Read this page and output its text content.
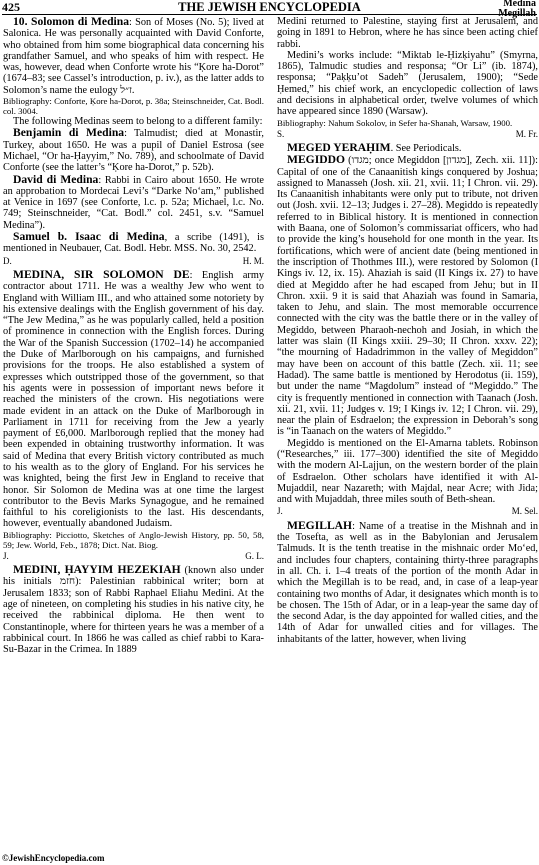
425	THE JEWISH ENCYCLOPEDIA	Medina
Megillah

10. Solomon di Medina: Son of Moses (No. 5); lived at Salonica. He was personally acquainted with David Conforte, who obtained from him some biographical data concerning his grandfather Samuel, and who speaks of him with respect. He was, however, dead when Conforte wrote his “Ḳore ha-Dorot” (1674–83; see Cassel’s introduction, p. iv.), as the latter adds to Solomon’s name the eulogy ז״ל.

Bibliography: Conforte, Ḳore ha-Dorot, p. 38a; Steinschneider, Cat. Bodl. col. 3004.

The following Medinas seem to belong to a different family:

Benjamin di Medina: Talmudist; died at Monastir, Turkey, about 1650. He was a pupil of Daniel Estrosa (see Michael, “Or ha-Ḥayyim,” No. 789), and schoolmate of David Conforte (see the latter’s “Ḳore ha-Dorot,” p. 52b).

David di Medina: Rabbi in Cairo about 1650. He wrote an approbation to Mordecai Levi’s “Darke No‘am,” published at Venice in 1697 (see Conforte, l.c. p. 52a; Michael, l.c. No. 749; Steinschneider, “Cat. Bodl.” col. 2451, s.v. “Samuel Medina”).

Samuel b. Isaac di Medina, a scribe (1491), is mentioned in Neubauer, Cat. Bodl. Hebr. MSS. No. 30, 2542.

D.	H. M.

MEDINA, SIR SOLOMON DE: English army contractor about 1711. He was a wealthy Jew who went to England with William III., and who attained some notoriety by his extensive dealings with the English government of his day. “The Jew Medina,” as he was popularly called, held a position of prominence in connection with the English forces. During the War of the Spanish Succession (1702–14) he accompanied the Duke of Marlborough on his campaigns, and furnished provisions for the troops. He also established a system of expresses which outstripped those of the government, so that his agents were in possession of important news before it reached the ministers of the crown. His negotiations were made evident in an attack on the Duke of Marlborough in Parliament in 1711 for receiving from the Jew a yearly payment of £6,000. Marlborough replied that the money had been expended in obtaining trustworthy information. It was said of Medina that every British victory contributed as much to his wealth as to the glory of England. For his services he was knighted, being the first Jew in England to receive that honor. Sir Solomon de Medina was at one time the largest contributor to the Bevis Marks Synagogue, and he remained faithful to his coreligionists to the last. His descendants, however, eventually abandoned Judaism.

Bibliography: Picciotto, Sketches of Anglo-Jewish History, pp. 50, 58, 59; Jew. World, Feb., 1878; Dict. Nat. Biog.

J.	G. L.

MEDINI, ḤAYYIM HEZEKIAH (known also under his initials חזמ): Palestinian rabbinical writer; born at Jerusalem 1833; son of Rabbi Raphael Eliahu Medini. At the age of nineteen, on completing his studies in his native city, he received the rabbinical diploma. He then went to Constantinople, where for thirteen years he was a member of a rabbinical court. In 1866 he was called as chief rabbi to Kara-Su-Bazar in the Crimea. In 1889

Medini returned to Palestine, staying first at Jerusalem, and going in 1891 to Hebron, where he has since been acting chief rabbi.

Medini’s works include: “Miktab le-Ḥizḳiyahu” (Smyrna, 1865), Talmudic studies and responsa; “Or Li” (ib. 1874), responsa; “Paḳḳu’ot Sadeh” (Jerusalem, 1900); “Sede Ḥemed,” his chief work, an encyclopedic collection of laws and decisions in alphabetical order, twelve volumes of which have appeared since 1890 (Warsaw).

Bibliography: Nahum Sokolov, in Sefer ha-Shanah, Warsaw, 1900.

S.	M. Fr.

MEGED YERAḤIM. See Periodicals.

MEGIDDO (מגדו; once Megiddon [מגדון], Zech. xii. 11]): Capital of one of the Canaanitish kings conquered by Joshua; assigned to Manasseh (Josh. xii. 21, xvii. 11; I Chron. vii. 29). Its Canaanitish inhabitants were only put to tribute, not driven out (Josh. xvii. 12–13; Judges i. 27–28). Megiddo is repeatedly referred to in Biblical history. It is mentioned in connection with Baana, one of Solomon’s commissariat officers, who had to provide the king’s household for one month in the year. Its fortifications, which were of ancient date (being mentioned in the inscription of Thothmes III.), were restored by Solomon (I Kings iv. 12, ix. 15). Ahaziah is said (II Kings ix. 27) to have died at Megiddo after he had escaped from Jehu; but in II Chron. xxii. 9 it is said that Ahaziah was found in Samaria, taken to Jehu, and slain. The most memorable occurrence connected with the city was the battle there or in the valley of Megiddo, between Pharaoh-nechoh and Josiah, in which the latter was slain (II Kings xxiii. 29–30; II Chron. xxxv. 22); “the mourning of Hadadrimmon in the valley of Megiddon” may have been on account of this battle (Zech. xii. 11; see Hadad). The same battle is mentioned by Herodotus (ii. 159), but under the name “Magdolum” instead of “Megiddo.” The city is frequently mentioned in connection with Taanach (Josh. xii. 21, xvii. 11; Judges v. 19; I Kings iv. 12; I Chron. vii. 29), near the plain of Esdraelon; the expression in Deborah’s song is “in Taanach on the waters of Megiddo.”

Megiddo is mentioned on the El-Amarna tablets. Robinson (“Researches,” iii. 177–300) identified the site of Megiddo with the modern Al-Lajjun, on the western border of the plain of Esdraelon. Other scholars have identified it with Al-Mujaddil, near Nazareth; with Majdal, near Acre; with Jida; and with Mujaddah, three miles south of Beth-shean.

J.	M. Sel.

MEGILLAH: Name of a treatise in the Mishnah and in the Tosefta, as well as in the Babylonian and Jerusalem Talmuds. It is the tenth treatise in the mishnaic order Mo‘ed, and includes four chapters, containing thirty-three paragraphs in all. Ch. i. 1–4 treats of the portion of the month Adar in which the Megillah is to be read, and, in case of a leap-year containing two months of Adar, it designates which month is to be chosen. The 15th of Adar, or in a leap-year the same day of the second Adar, is the day appointed for walled cities, and the 14th of Adar for unwalled cities and for villages. The inhabitants of the latter, however, when living

©JewishEncyclopedia.com
